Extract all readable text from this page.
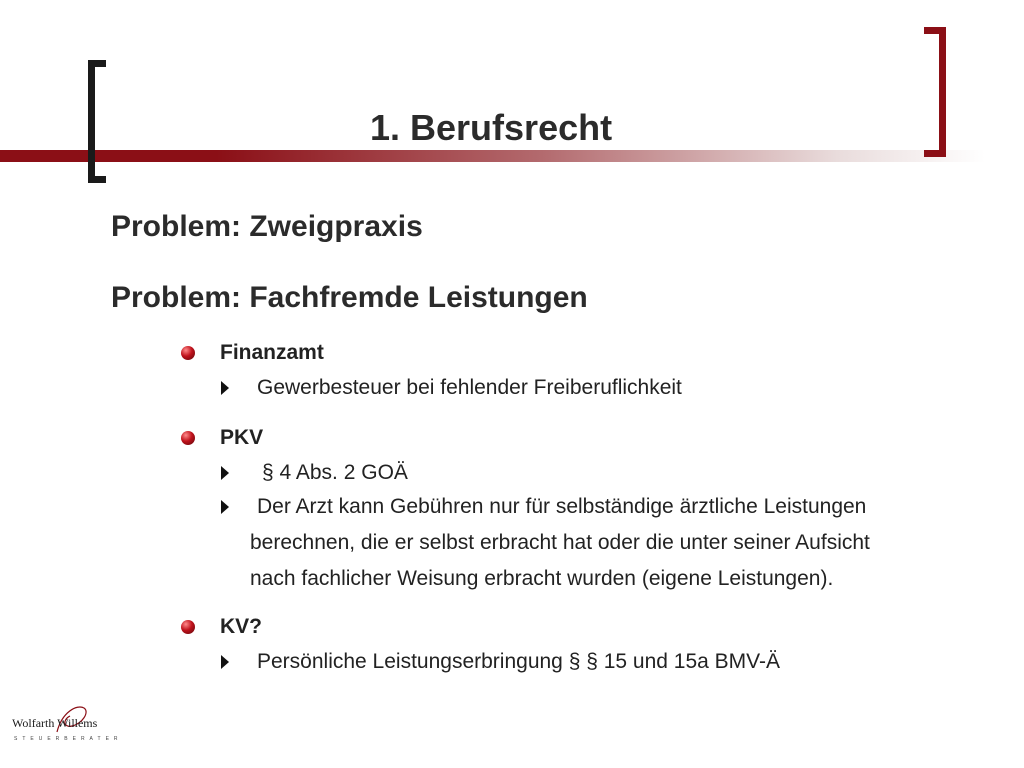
1. Berufsrecht
Problem: Zweigpraxis
Problem: Fachfremde Leistungen
Finanzamt
Gewerbesteuer bei fehlender Freiberuflichkeit
PKV
§ 4 Abs. 2 GOÄ
Der Arzt kann Gebühren nur für selbständige ärztliche Leistungen
berechnen, die er selbst erbracht hat oder die unter seiner Aufsicht
nach fachlicher Weisung erbracht wurden (eigene Leistungen).
KV?
Persönliche Leistungserbringung § § 15 und 15a BMV-Ä
Wolfarth Willems
STEUERBERATER
